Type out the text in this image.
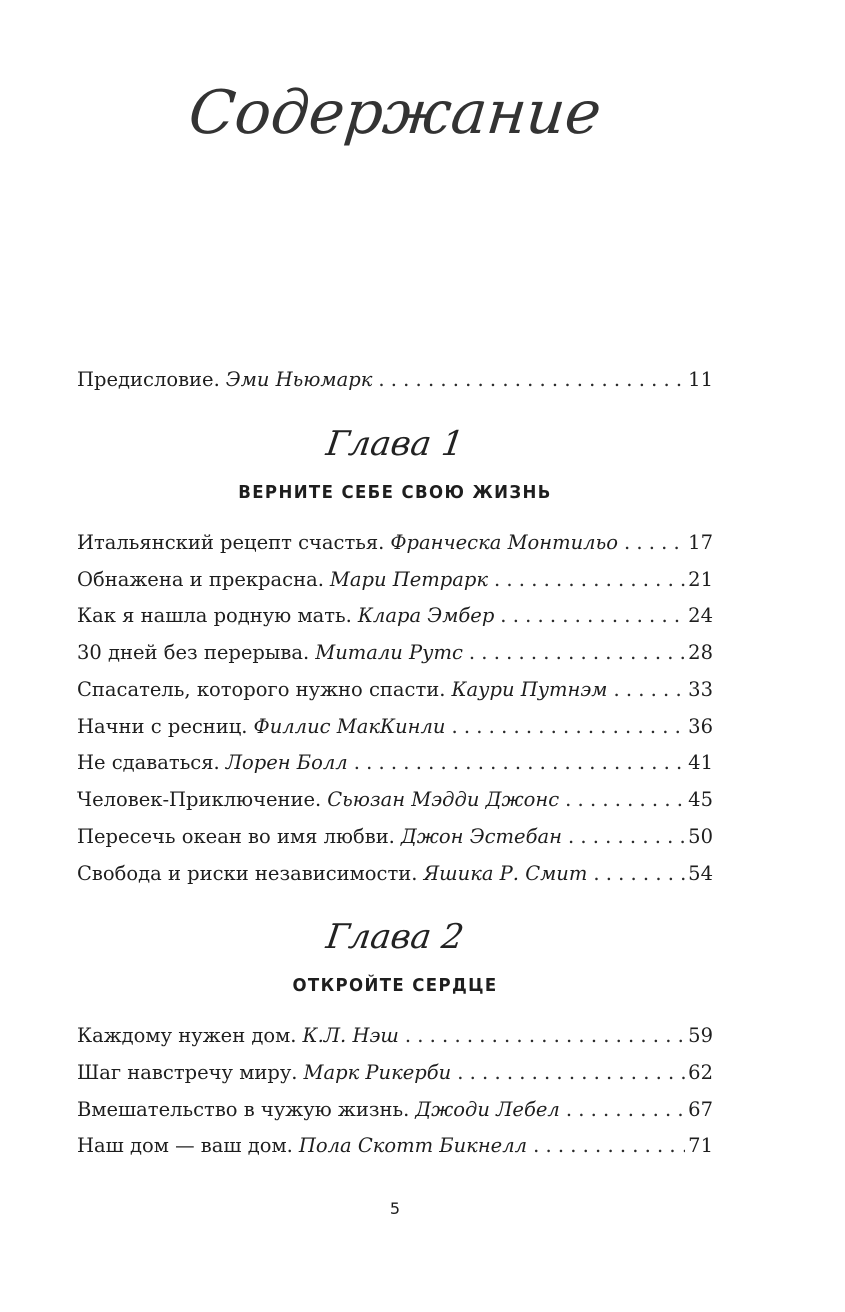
Содержание
Предисловие. Эми Ньюмарк . . .	11
Глава 1
ВЕРНИТЕ СЕБЕ СВОЮ ЖИЗНЬ
Итальянский рецепт счастья. Франческа Монтильо . . .	17
Обнажена и прекрасна. Мари Петрарк . . .	21
Как я нашла родную мать. Клара Эмбер . . .	24
30 дней без перерыва. Митали Рутс . . .	28
Спасатель, которого нужно спасти. Каури Путнэм . . .	33
Начни с ресниц. Филлис МакКинли . . .	36
Не сдаваться. Лорен Болл . . .	41
Человек-Приключение. Сьюзан Мэдди Джонс . . .	45
Пересечь океан во имя любви. Джон Эстебан . . .	50
Свобода и риски независимости. Яшика Р. Смит . . .	54
Глава 2
ОТКРОЙТЕ СЕРДЦЕ
Каждому нужен дом. К.Л. Нэш . . .	59
Шаг навстречу миру. Марк Рикерби . . .	62
Вмешательство в чужую жизнь. Джоди Лебел . . .	67
Наш дом — ваш дом. Пола Скотт Бикнелл . . .	71
5
